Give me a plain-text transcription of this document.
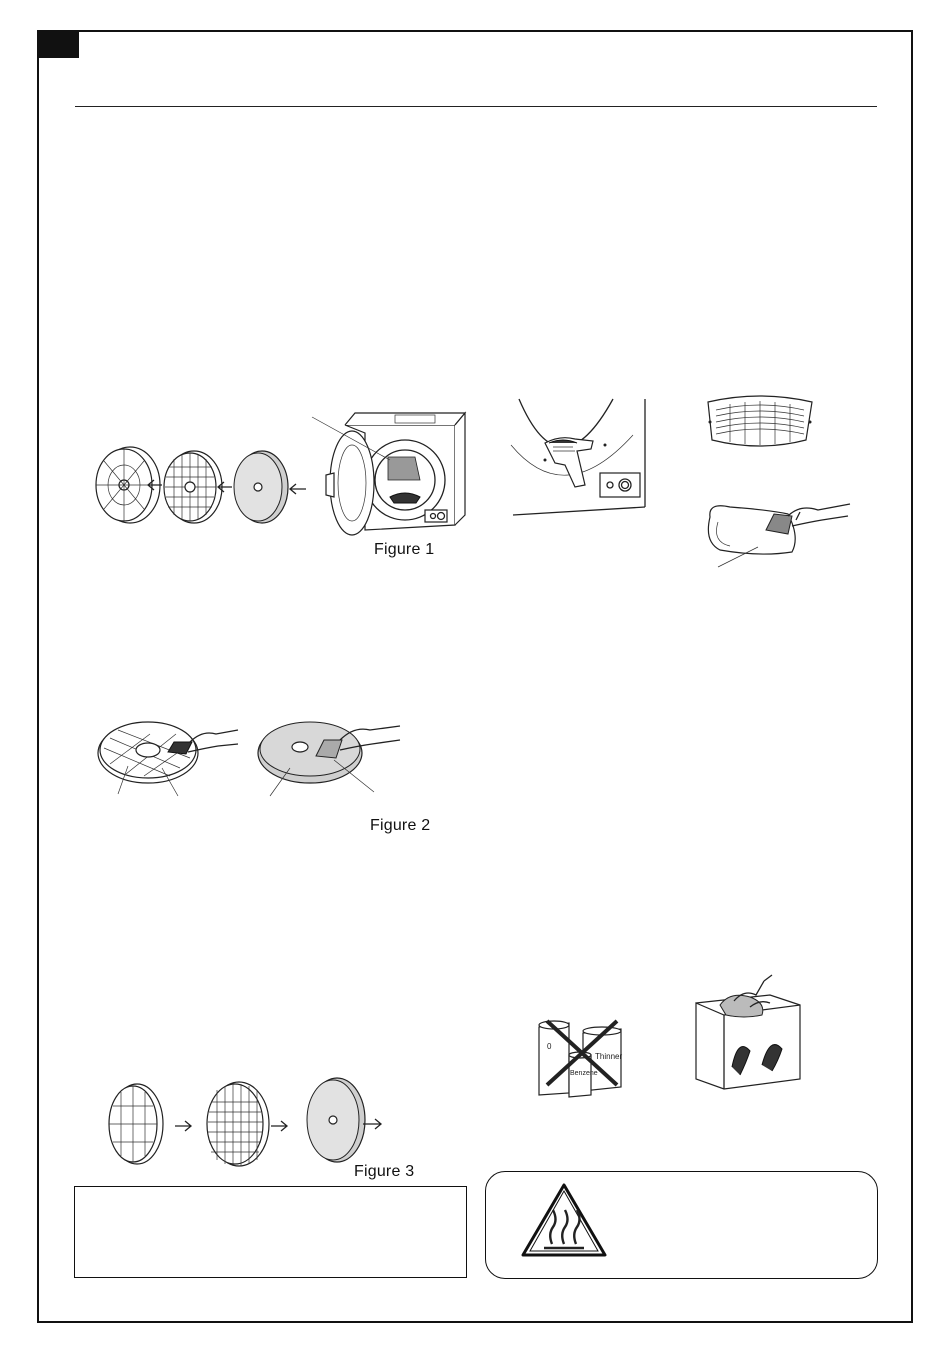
Figure 1
Figure 2
Figure 3
0
Thinner
Benzene
